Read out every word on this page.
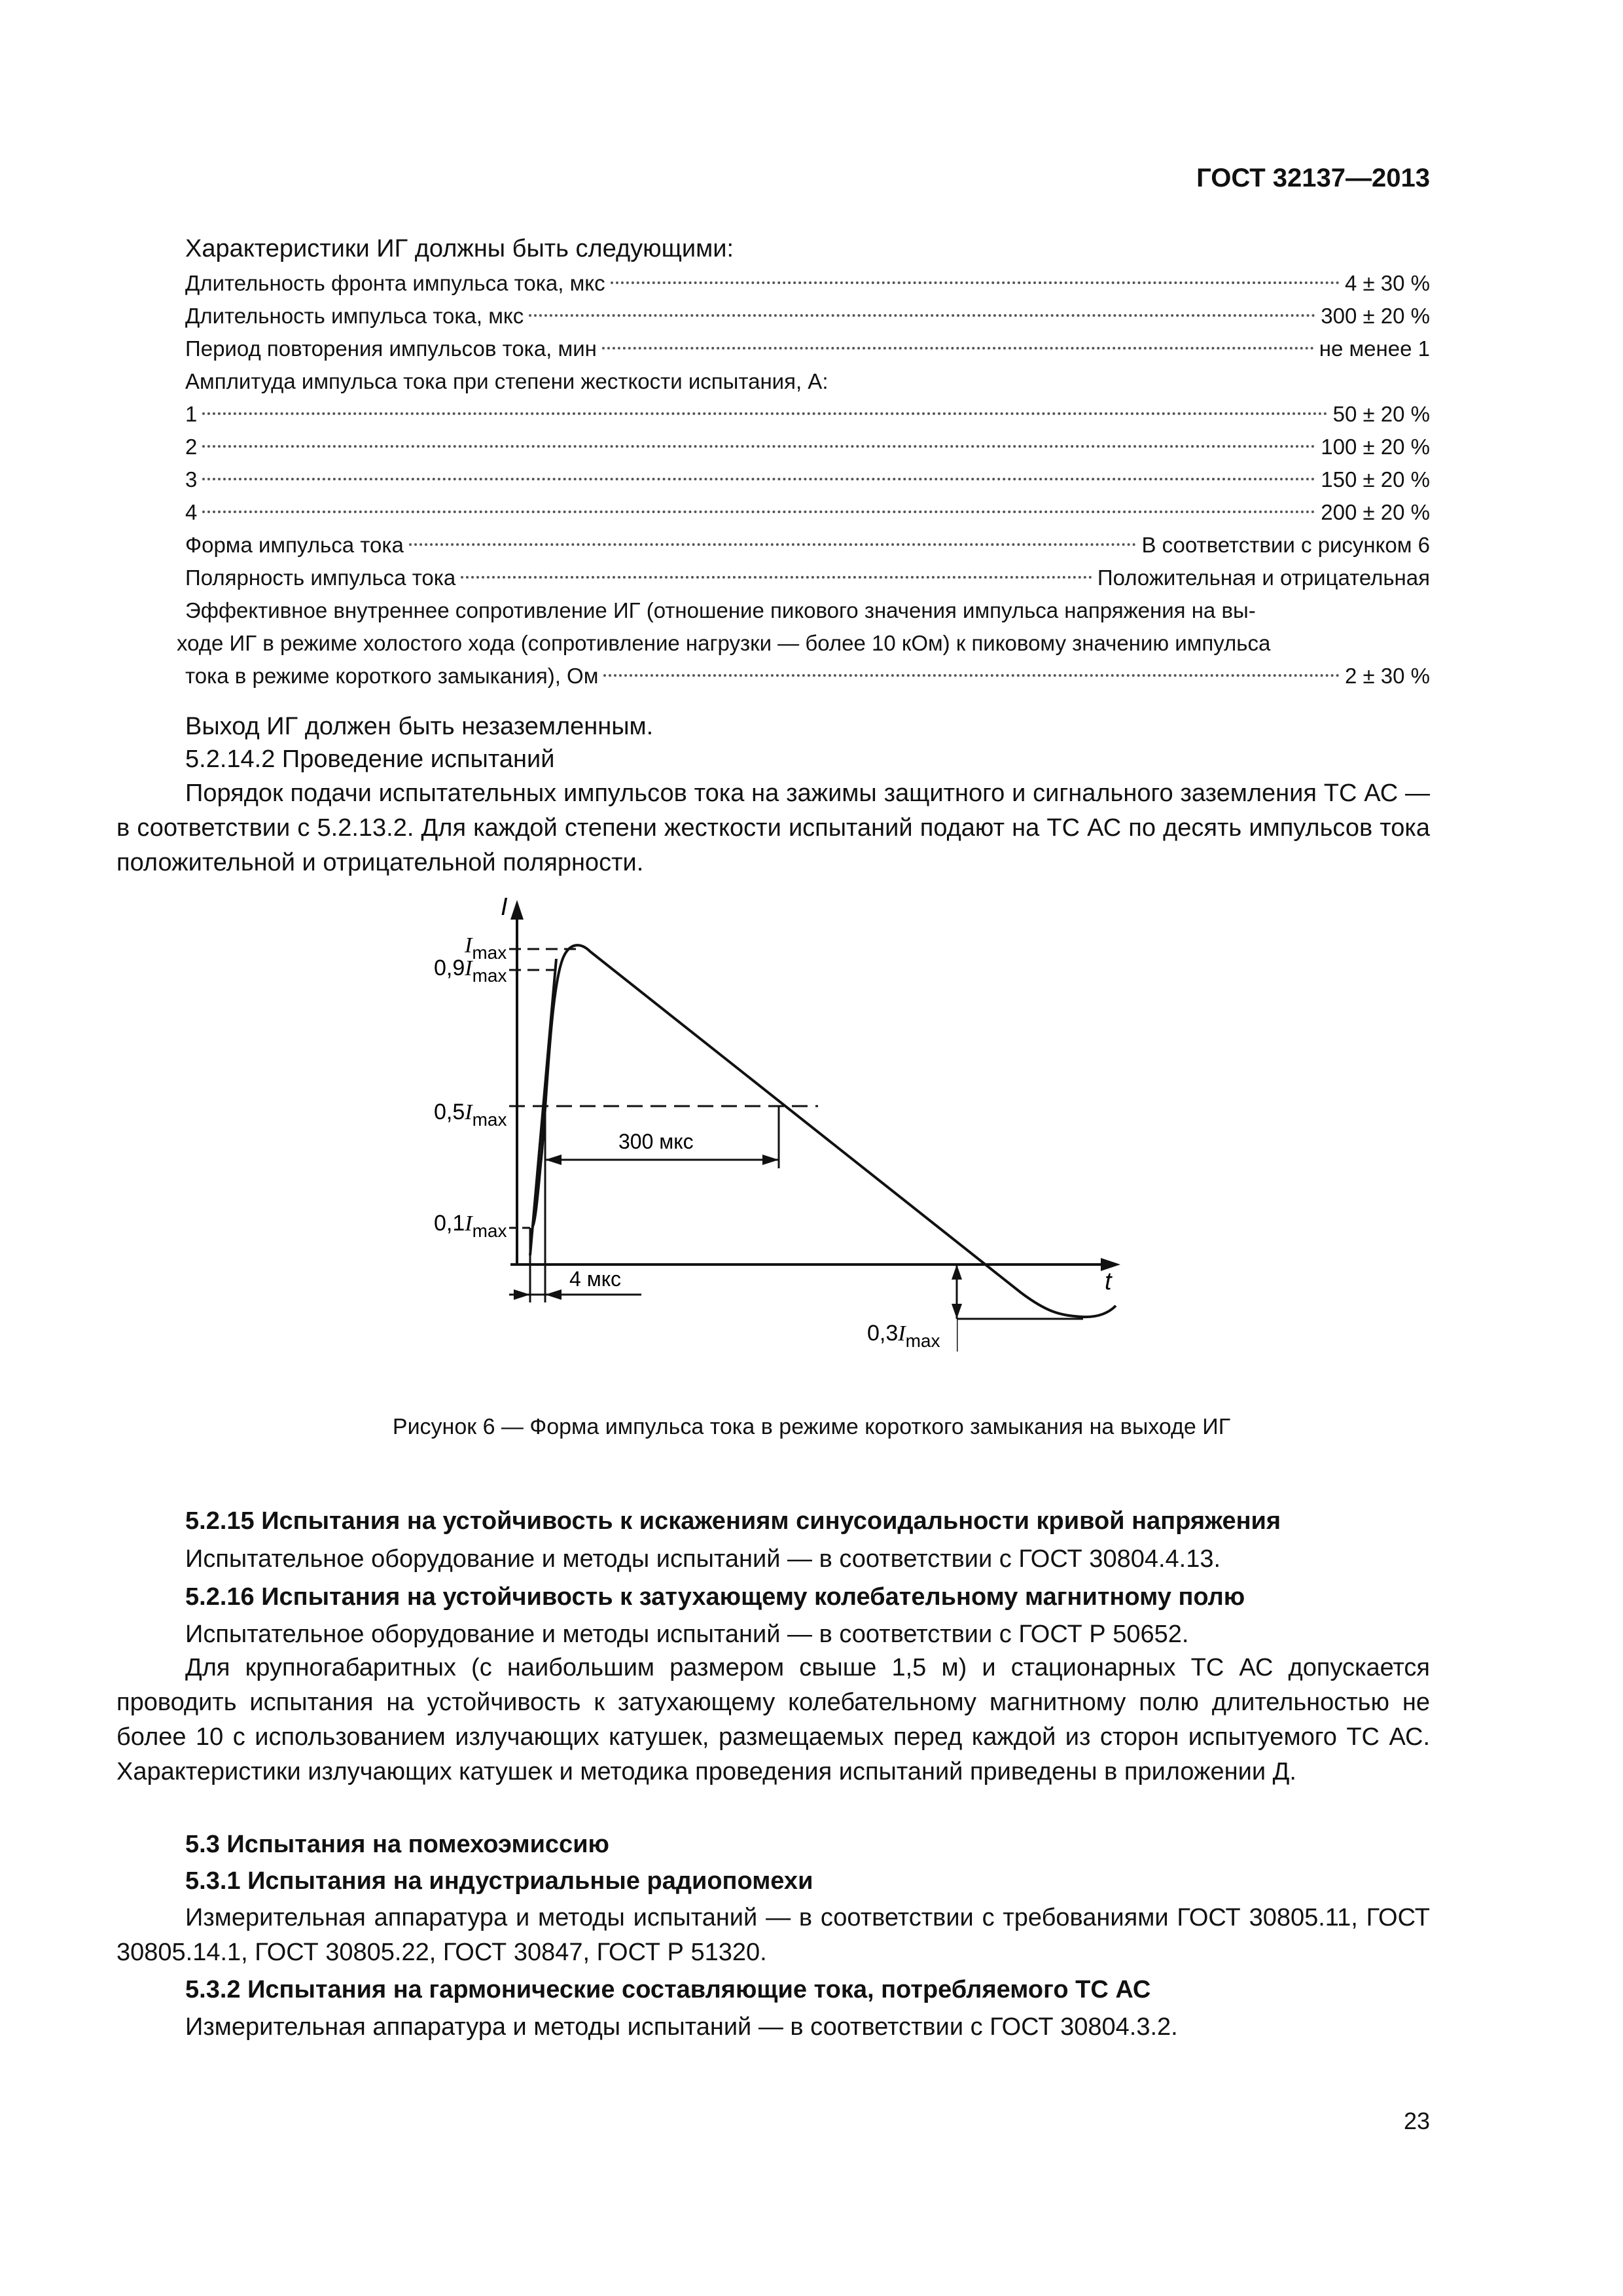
ГОСТ 32137—2013
Характеристики ИГ должны быть следующими:
Длительность фронта импульса тока, мкс	4 ± 30 %
Длительность импульса тока, мкс	300 ± 20 %
Период повторения импульсов тока, мин	не менее 1
Амплитуда импульса тока при степени жесткости испытания, А:
1	50 ± 20 %
2	100 ± 20 %
3	150 ± 20 %
4	200 ± 20 %
Форма импульса тока	В соответствии с рисунком 6
Полярность импульса тока	Положительная и отрицательная
Эффективное внутреннее сопротивление ИГ (отношение пикового значения импульса напряжения на вы-
ходе ИГ в режиме холостого хода (сопротивление нагрузки — более 10 кОм) к пиковому значению импульса
тока в режиме короткого замыкания), Ом	2 ± 30 %
Выход ИГ должен быть незаземленным.
5.2.14.2 Проведение испытаний
Порядок подачи испытательных импульсов тока на зажимы защитного и сигнального заземления ТС АС — в соответствии с 5.2.13.2. Для каждой степени жесткости испытаний подают на ТС АС по десять импульсов тока положительной и отрицательной полярности.
I
t
$I_{max}$
$0,9I_{max}$
$0,5I_{max}$
$0,1I_{max}$
$0,3I_{max}$
300 мкс
4 мкс
Рисунок 6 — Форма импульса тока в режиме короткого замыкания на выходе ИГ
5.2.15 Испытания на устойчивость к искажениям синусоидальности кривой напряжения
Испытательное оборудование и методы испытаний — в соответствии с ГОСТ 30804.4.13.
5.2.16 Испытания на устойчивость к затухающему колебательному магнитному полю
Испытательное оборудование и методы испытаний — в соответствии с ГОСТ Р 50652.
Для крупногабаритных (с наибольшим размером свыше 1,5 м) и стационарных ТС АС допускается проводить испытания на устойчивость к затухающему колебательному магнитному полю длительностью не более 10 с использованием излучающих катушек, размещаемых перед каждой из сторон испытуемого ТС АС. Характеристики излучающих катушек и методика проведения испытаний приведены в приложении Д.
5.3 Испытания на помехоэмиссию
5.3.1 Испытания на индустриальные радиопомехи
Измерительная аппаратура и методы испытаний — в соответствии с требованиями ГОСТ 30805.11, ГОСТ 30805.14.1, ГОСТ 30805.22, ГОСТ 30847, ГОСТ Р 51320.
5.3.2 Испытания на гармонические составляющие тока, потребляемого ТС АС
Измерительная аппаратура и методы испытаний — в соответствии с ГОСТ 30804.3.2.
23
